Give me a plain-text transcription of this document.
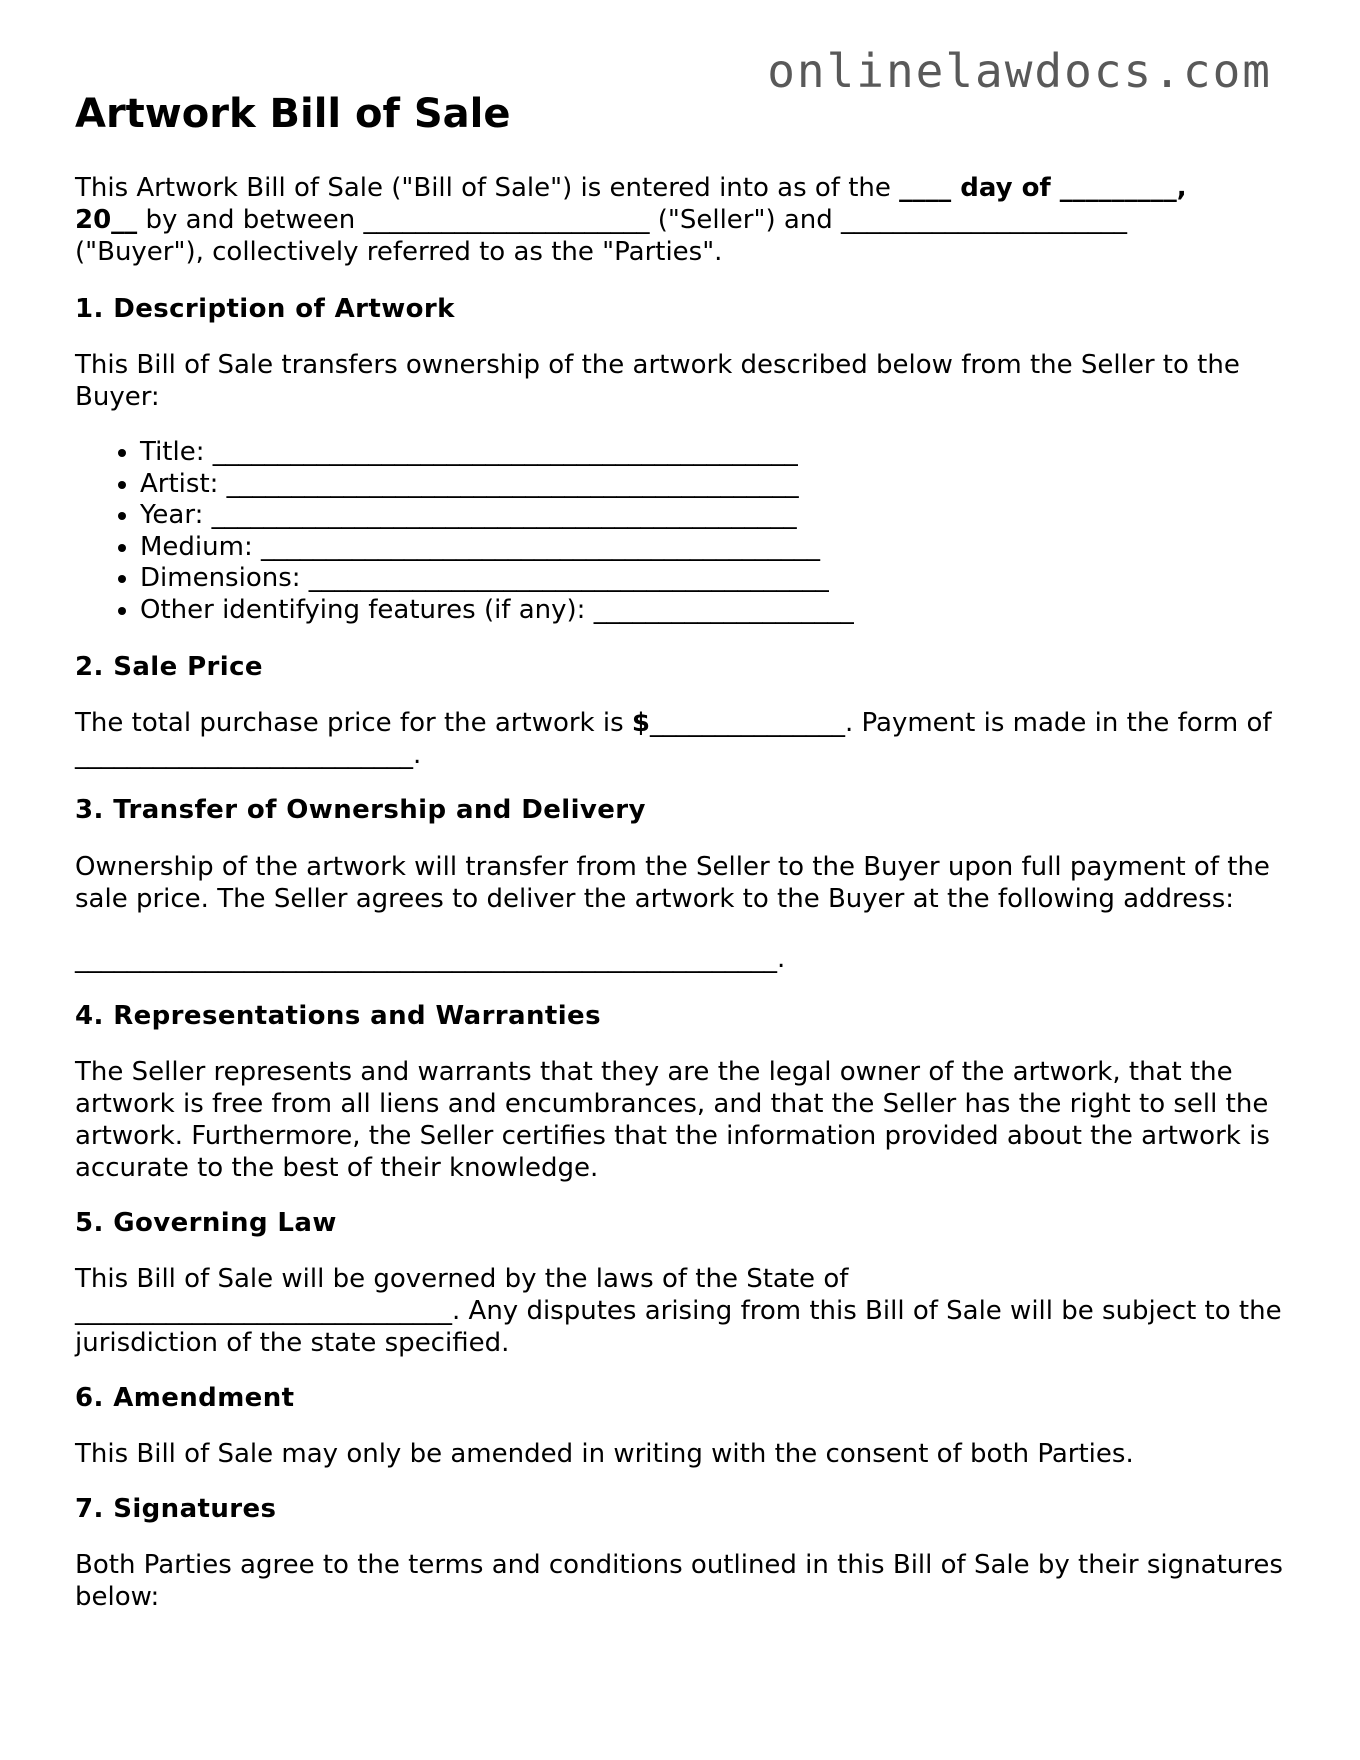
onlinelawdocs.com
Artwork Bill of Sale

This Artwork Bill of Sale ("Bill of Sale") is entered into as of the ____ day of _________,
20__ by and between ______________________ ("Seller") and ______________________
("Buyer"), collectively referred to as the "Parties".

1. Description of Artwork

This Bill of Sale transfers ownership of the artwork described below from the Seller to the Buyer:

• Title: _____________________________________________
• Artist: ____________________________________________
• Year: _____________________________________________
• Medium: ___________________________________________
• Dimensions: ________________________________________
• Other identifying features (if any): ____________________
2. Sale Price

The total purchase price for the artwork is $_______________. Payment is made in the form of __________________________.

3. Transfer of Ownership and Delivery

Ownership of the artwork will transfer from the Seller to the Buyer upon full payment of the sale price. The Seller agrees to deliver the artwork to the Buyer at the following address:

______________________________________________________.

4. Representations and Warranties

The Seller represents and warrants that they are the legal owner of the artwork, that the artwork is free from all liens and encumbrances, and that the Seller has the right to sell the artwork. Furthermore, the Seller certifies that the information provided about the artwork is accurate to the best of their knowledge.

5. Governing Law

This Bill of Sale will be governed by the laws of the State of
_____________________________. Any disputes arising from this Bill of Sale will be subject to the jurisdiction of the state specified.

6. Amendment

This Bill of Sale may only be amended in writing with the consent of both Parties.

7. Signatures

Both Parties agree to the terms and conditions outlined in this Bill of Sale by their signatures below:
